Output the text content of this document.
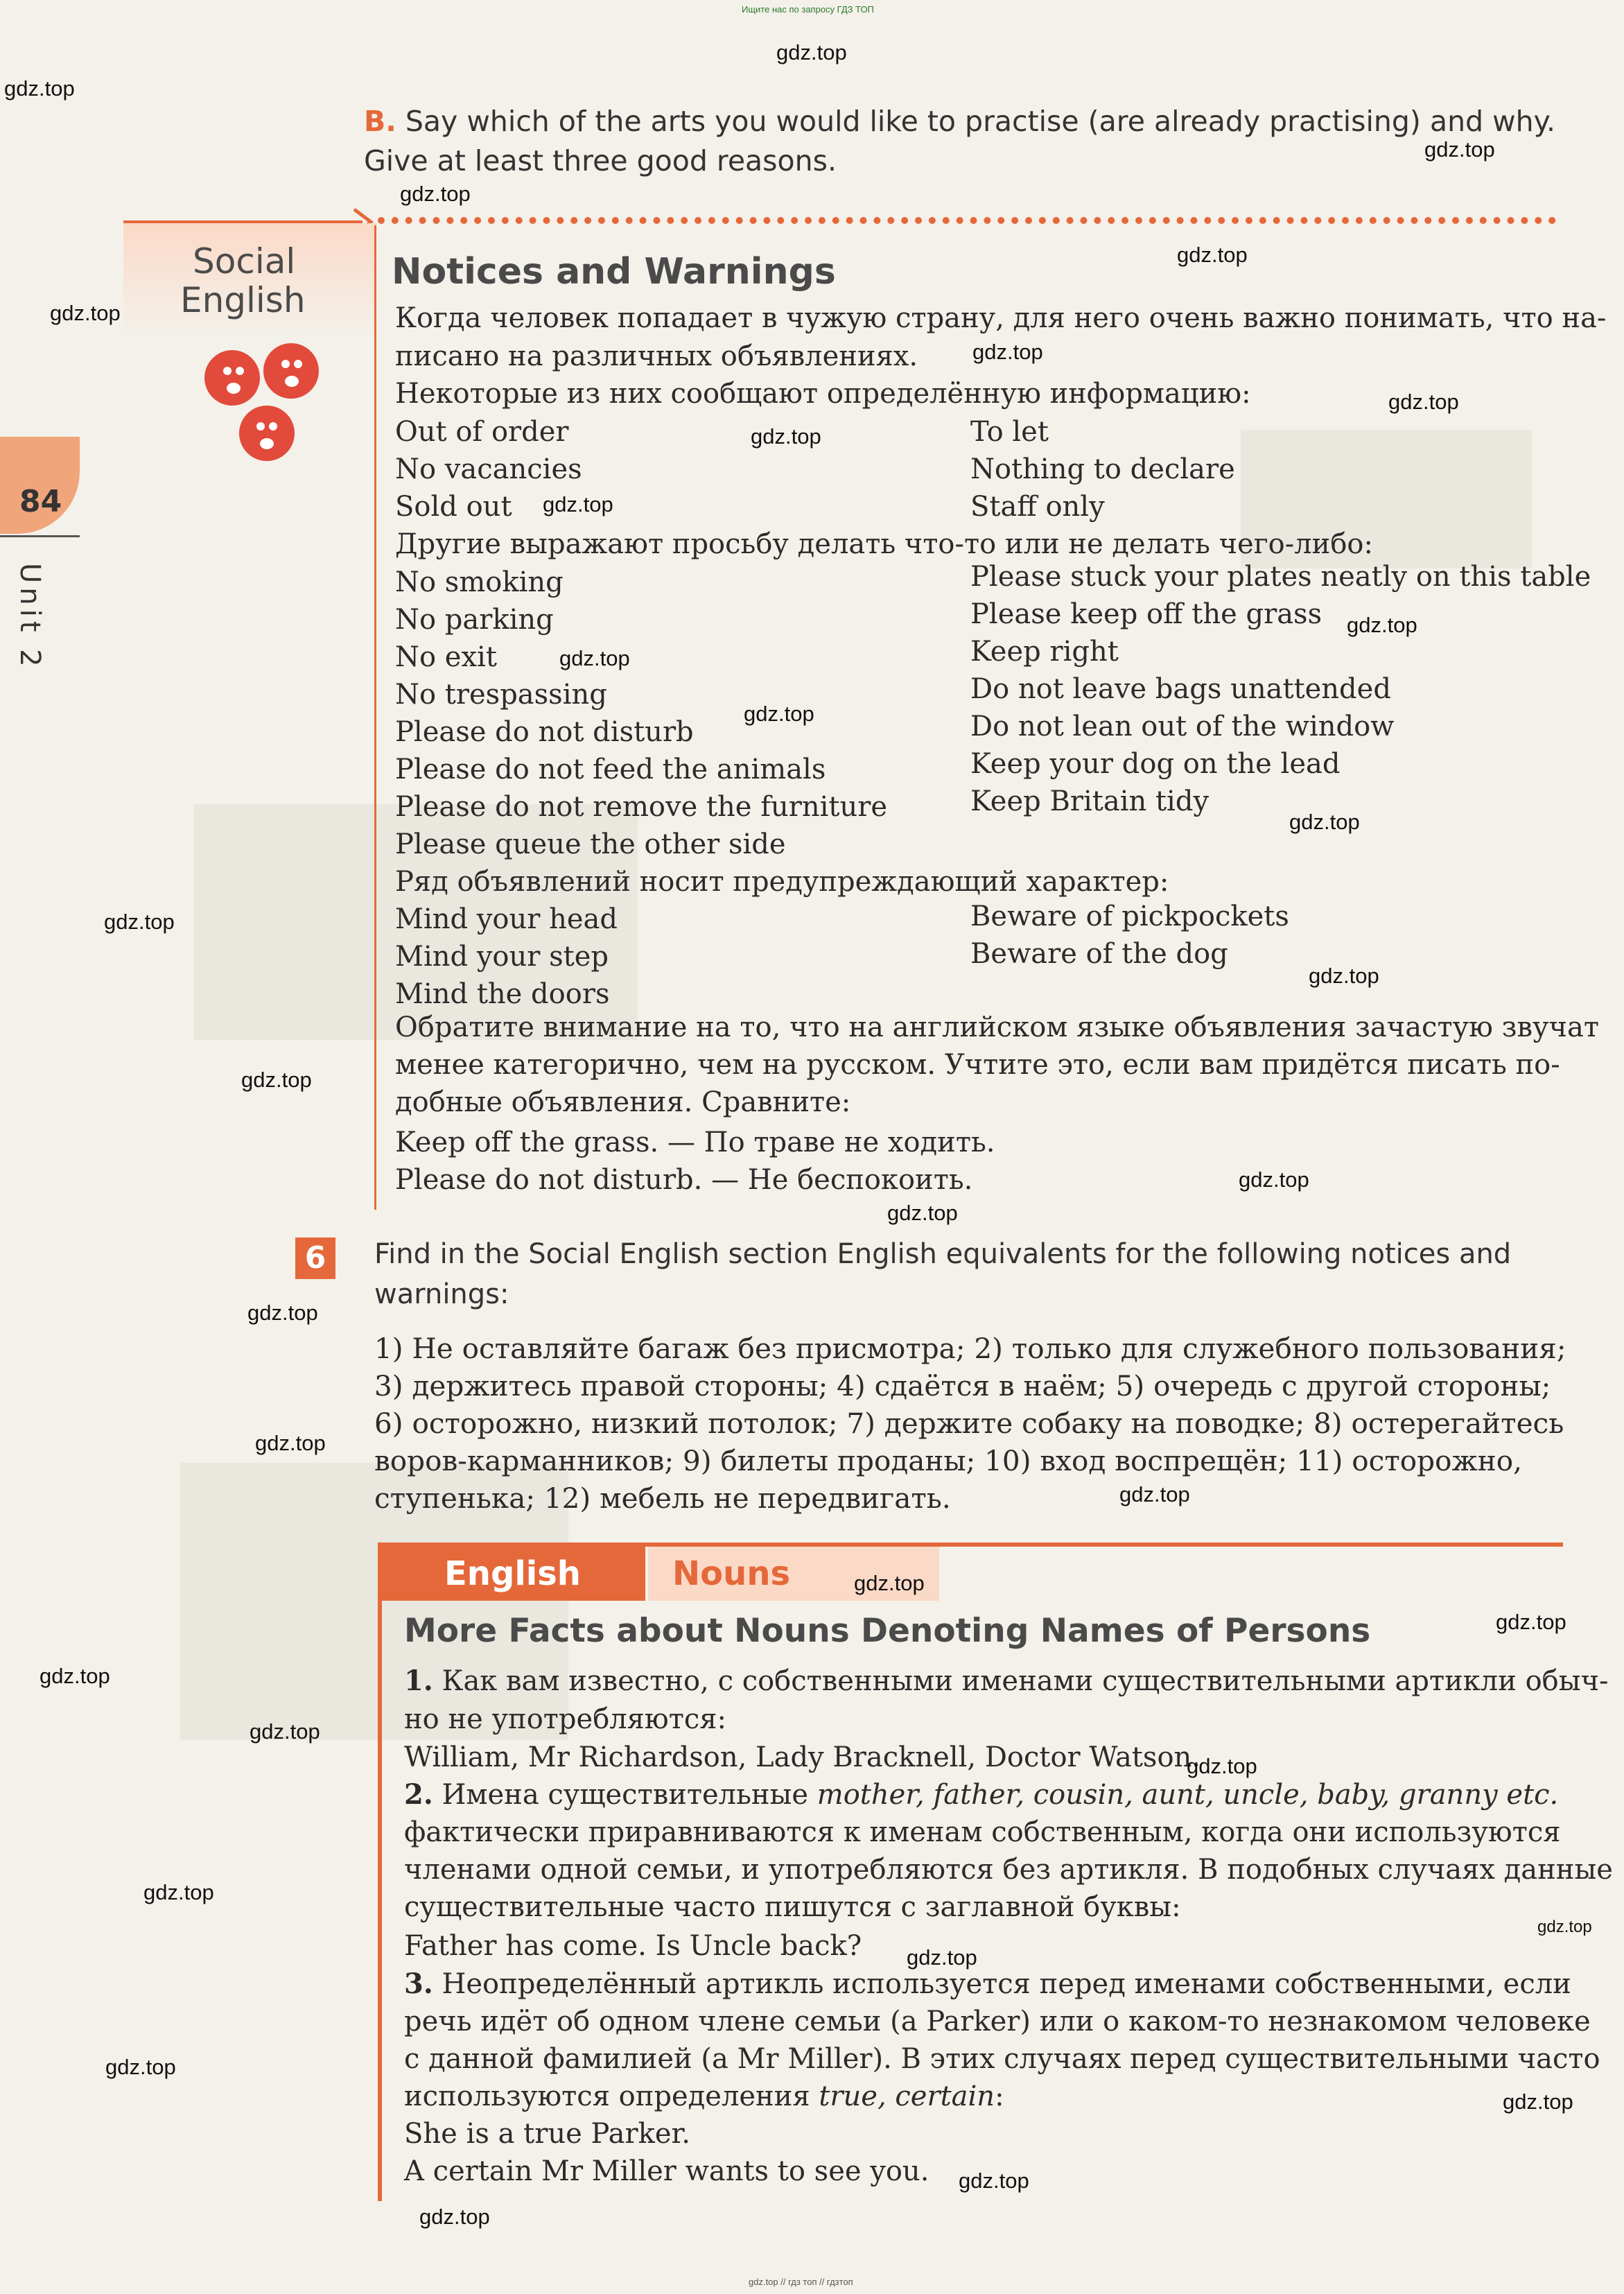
Ищите нас по запросу ГДЗ ТОП
B. Say which of the arts you would like to practise (are already practising) and why.
Give at least three good reasons.
Social
English
84
Unit 2
Notices and Warnings
Когда человек попадает в чужую страну, для него очень важно понимать, что на-
писано на различных объявлениях.
Некоторые из них сообщают определённую информацию:
Out of order
No vacancies
Sold out
To let
Nothing to declare
Staff only
Другие выражают просьбу делать что-то или не делать чего-либо:
No smoking
No parking
No exit
No trespassing
Please do not disturb
Please do not feed the animals
Please do not remove the furniture
Please queue the other side
Please stuck your plates neatly on this table
Please keep off the grass
Keep right
Do not leave bags unattended
Do not lean out of the window
Keep your dog on the lead
Keep Britain tidy
Ряд объявлений носит предупреждающий характер:
Mind your head
Mind your step
Mind the doors
Beware of pickpockets
Beware of the dog
Обратите внимание на то, что на английском языке объявления зачастую звучат
менее категорично, чем на русском. Учтите это, если вам придётся писать по-
добные объявления. Сравните:
Keep off the grass. — По траве не ходить.
Please do not disturb. — Не беспокоить.
6	Find in the Social English section English equivalents for the following notices and
warnings:
1) Не оставляйте багаж без присмотра; 2) только для служебного пользования;
3) держитесь правой стороны; 4) сдаётся в наём; 5) очередь с другой стороны;
6) осторожно, низкий потолок; 7) держите собаку на поводке; 8) остерегайтесь
воров-карманников; 9) билеты проданы; 10) вход воспрещён; 11) осторожно,
ступенька; 12) мебель не передвигать.
English	Nouns
More Facts about Nouns Denoting Names of Persons
1. Как вам известно, с собственными именами существительными артикли обыч-
но не употребляются:
William, Mr Richardson, Lady Bracknell, Doctor Watson.
2. Имена существительные mother, father, cousin, aunt, uncle, baby, granny etc.
фактически приравниваются к именам собственным, когда они используются
членами одной семьи, и употребляются без артикля. В подобных случаях данные
существительные часто пишутся с заглавной буквы:
Father has come. Is Uncle back?
3. Неопределённый артикль используется перед именами собственными, если
речь идёт об одном члене семьи (a Parker) или о каком-то незнакомом человеке
с данной фамилией (a Mr Miller). В этих случаях перед существительными часто
используются определения true, certain:
She is a true Parker.
A certain Mr Miller wants to see you.
gdz.top
gdz.top
gdz.top
gdz.top
gdz.top
gdz.top
gdz.top
gdz.top
gdz.top
gdz.top
gdz.top
gdz.top
gdz.top
gdz.top
gdz.top
gdz.top
gdz.top
gdz.top
gdz.top
gdz.top
gdz.top
gdz.top
gdz.top
gdz.top
gdz.top
gdz.top
gdz.top
gdz.top
gdz.top
gdz.top
gdz.top
gdz.top
gdz.top
gdz.top
gdz.top // гдз топ // гдзтоп
